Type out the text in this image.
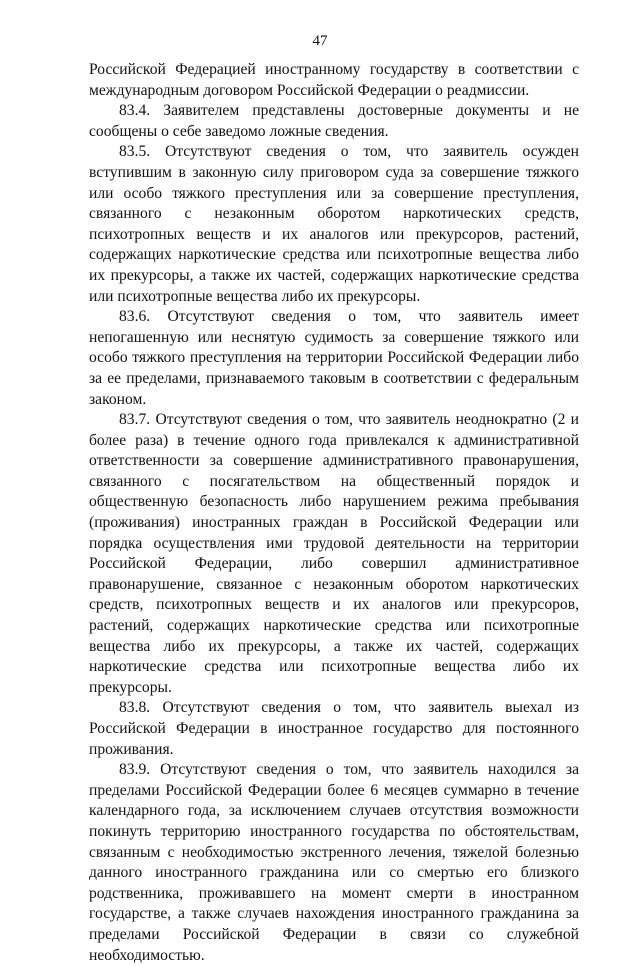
47

Российской Федерацией иностранному государству в соответствии с международным договором Российской Федерации о реадмиссии.

83.4. Заявителем представлены достоверные документы и не сообщены о себе заведомо ложные сведения.

83.5. Отсутствуют сведения о том, что заявитель осужден вступившим в законную силу приговором суда за совершение тяжкого или особо тяжкого преступления или за совершение преступления, связанного с незаконным оборотом наркотических средств, психотропных веществ и их аналогов или прекурсоров, растений, содержащих наркотические средства или психотропные вещества либо их прекурсоры, а также их частей, содержащих наркотические средства или психотропные вещества либо их прекурсоры.

83.6. Отсутствуют сведения о том, что заявитель имеет непогашенную или неснятую судимость за совершение тяжкого или особо тяжкого преступления на территории Российской Федерации либо за ее пределами, признаваемого таковым в соответствии с федеральным законом.

83.7. Отсутствуют сведения о том, что заявитель неоднократно (2 и более раза) в течение одного года привлекался к административной ответственности за совершение административного правонарушения, связанного с посягательством на общественный порядок и общественную безопасность либо нарушением режима пребывания (проживания) иностранных граждан в Российской Федерации или порядка осуществления ими трудовой деятельности на территории Российской Федерации, либо совершил административное правонарушение, связанное с незаконным оборотом наркотических средств, психотропных веществ и их аналогов или прекурсоров, растений, содержащих наркотические средства или психотропные вещества либо их прекурсоры, а также их частей, содержащих наркотические средства или психотропные вещества либо их прекурсоры.

83.8. Отсутствуют сведения о том, что заявитель выехал из Российской Федерации в иностранное государство для постоянного проживания.

83.9. Отсутствуют сведения о том, что заявитель находился за пределами Российской Федерации более 6 месяцев суммарно в течение календарного года, за исключением случаев отсутствия возможности покинуть территорию иностранного государства по обстоятельствам, связанным с необходимостью экстренного лечения, тяжелой болезнью данного иностранного гражданина или со смертью его близкого родственника, проживавшего на момент смерти в иностранном государстве, а также случаев нахождения иностранного гражданина за пределами Российской Федерации в связи со служебной необходимостью.
